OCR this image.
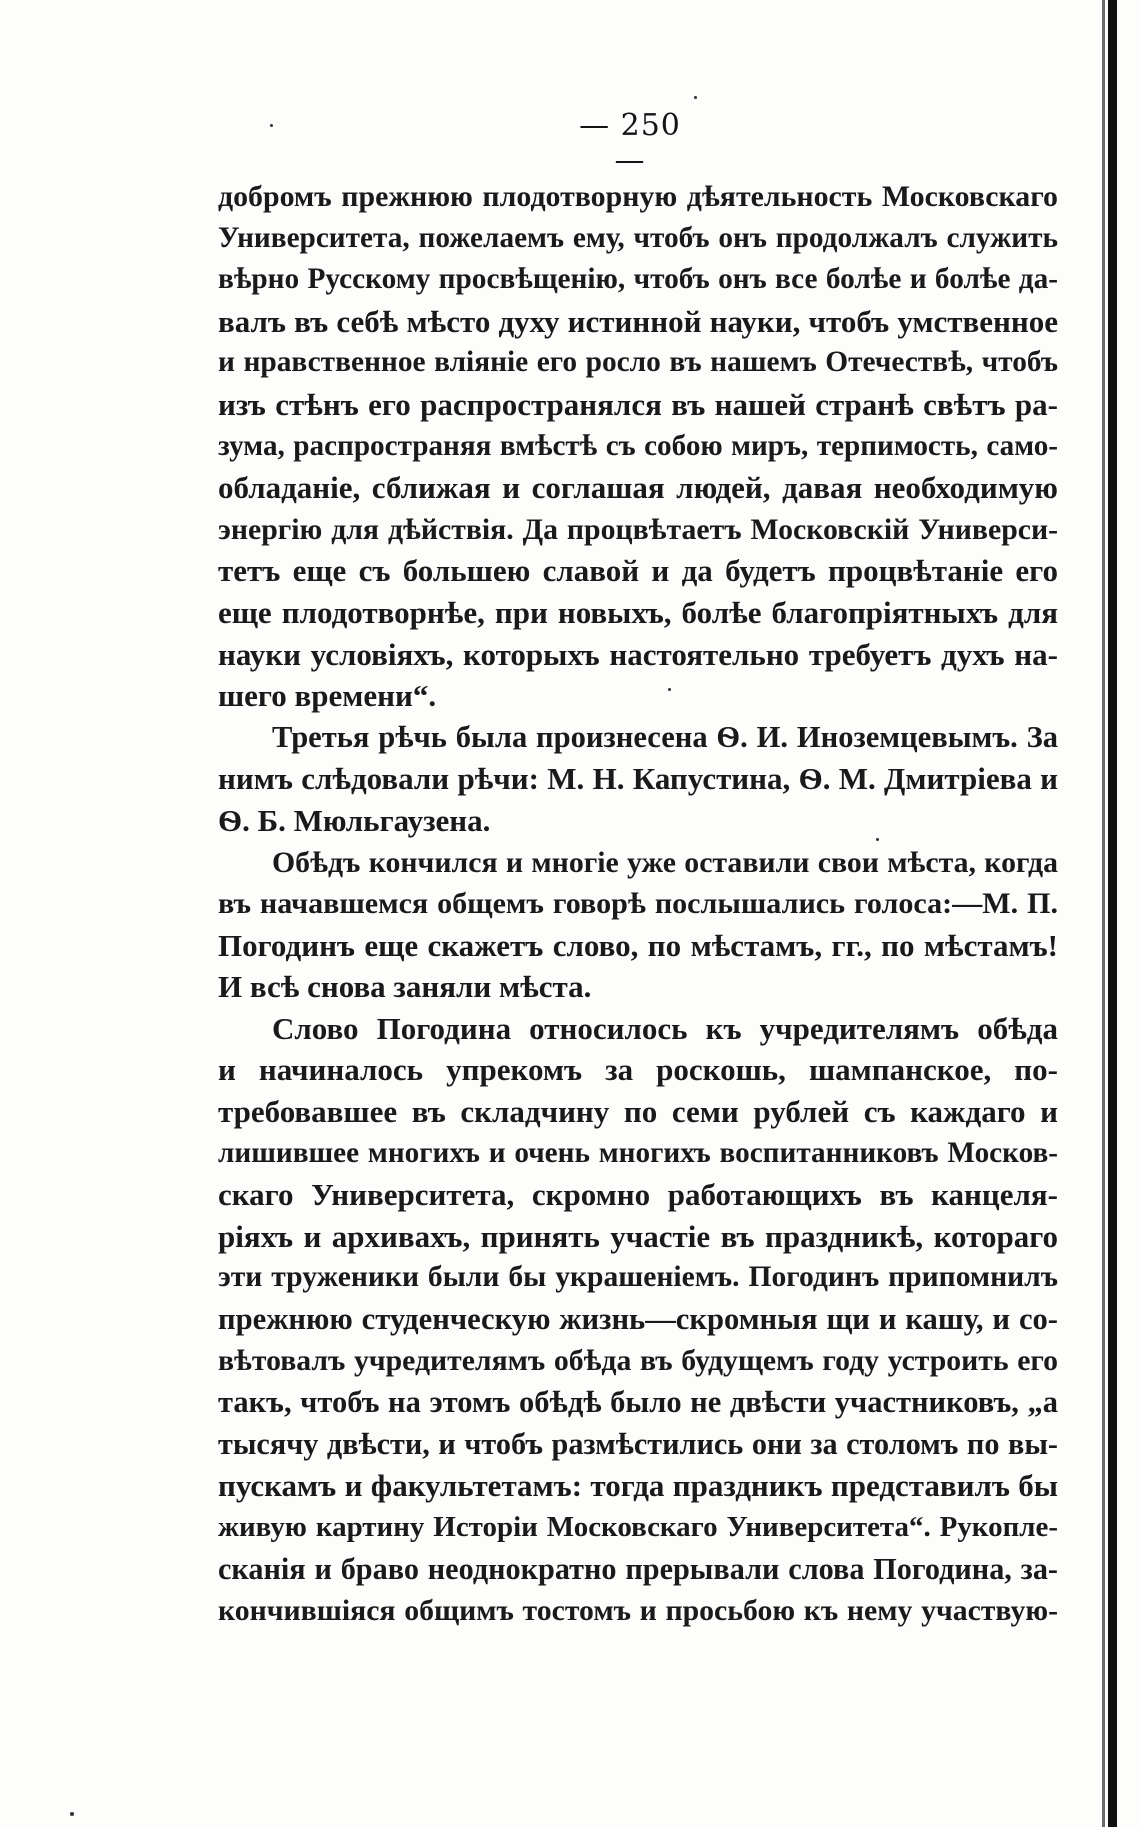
— 250 —
добромъ прежнюю плодотворную дѣятельность Московскаго
Университета, пожелаемъ ему, чтобъ онъ продолжалъ служить
вѣрно Русскому просвѣщенію, чтобъ онъ все болѣе и болѣе да-
валъ въ себѣ мѣсто духу истинной науки, чтобъ умственное
и нравственное вліяніе его росло въ нашемъ Отечествѣ, чтобъ
изъ стѣнъ его распространялся въ нашей странѣ свѣтъ ра-
зума, распространяя вмѣстѣ съ собою миръ, терпимость, само-
обладаніе, сближая и соглашая людей, давая необходимую
энергію для дѣйствія. Да процвѣтаетъ Московскій Универси-
тетъ еще съ большею славой и да будетъ процвѣтаніе его
еще плодотворнѣе, при новыхъ, болѣе благопріятныхъ для
науки условіяхъ, которыхъ настоятельно требуетъ духъ на-
шего времени“.
Третья рѣчь была произнесена Ѳ. И. Иноземцевымъ. За
нимъ слѣдовали рѣчи: М. Н. Капустина, Ѳ. М. Дмитріева и
Ѳ. Б. Мюльгаузена.
Обѣдъ кончился и многіе уже оставили свои мѣста, когда
въ начавшемся общемъ говорѣ послышались голоса:—М. П.
Погодинъ еще скажетъ слово, по мѣстамъ, гг., по мѣстамъ!
И всѣ снова заняли мѣста.
Слово Погодина относилось къ учредителямъ обѣда
и начиналось упрекомъ за роскошь, шампанское, по-
требовавшее въ складчину по семи рублей съ каждаго и
лишившее многихъ и очень многихъ воспитанниковъ Москов-
скаго Университета, скромно работающихъ въ канцеля-
ріяхъ и архивахъ, принять участіе въ праздникѣ, котораго
эти труженики были бы украшеніемъ. Погодинъ припомнилъ
прежнюю студенческую жизнь—скромныя щи и кашу, и со-
вѣтовалъ учредителямъ обѣда въ будущемъ году устроить его
такъ, чтобъ на этомъ обѣдѣ было не двѣсти участниковъ, „а
тысячу двѣсти, и чтобъ размѣстились они за столомъ по вы-
пускамъ и факультетамъ: тогда праздникъ представилъ бы
живую картину Исторіи Московскаго Университета“. Рукопле-
сканія и браво неоднократно прерывали слова Погодина, за-
кончившіяся общимъ тостомъ и просьбою къ нему участвую-
